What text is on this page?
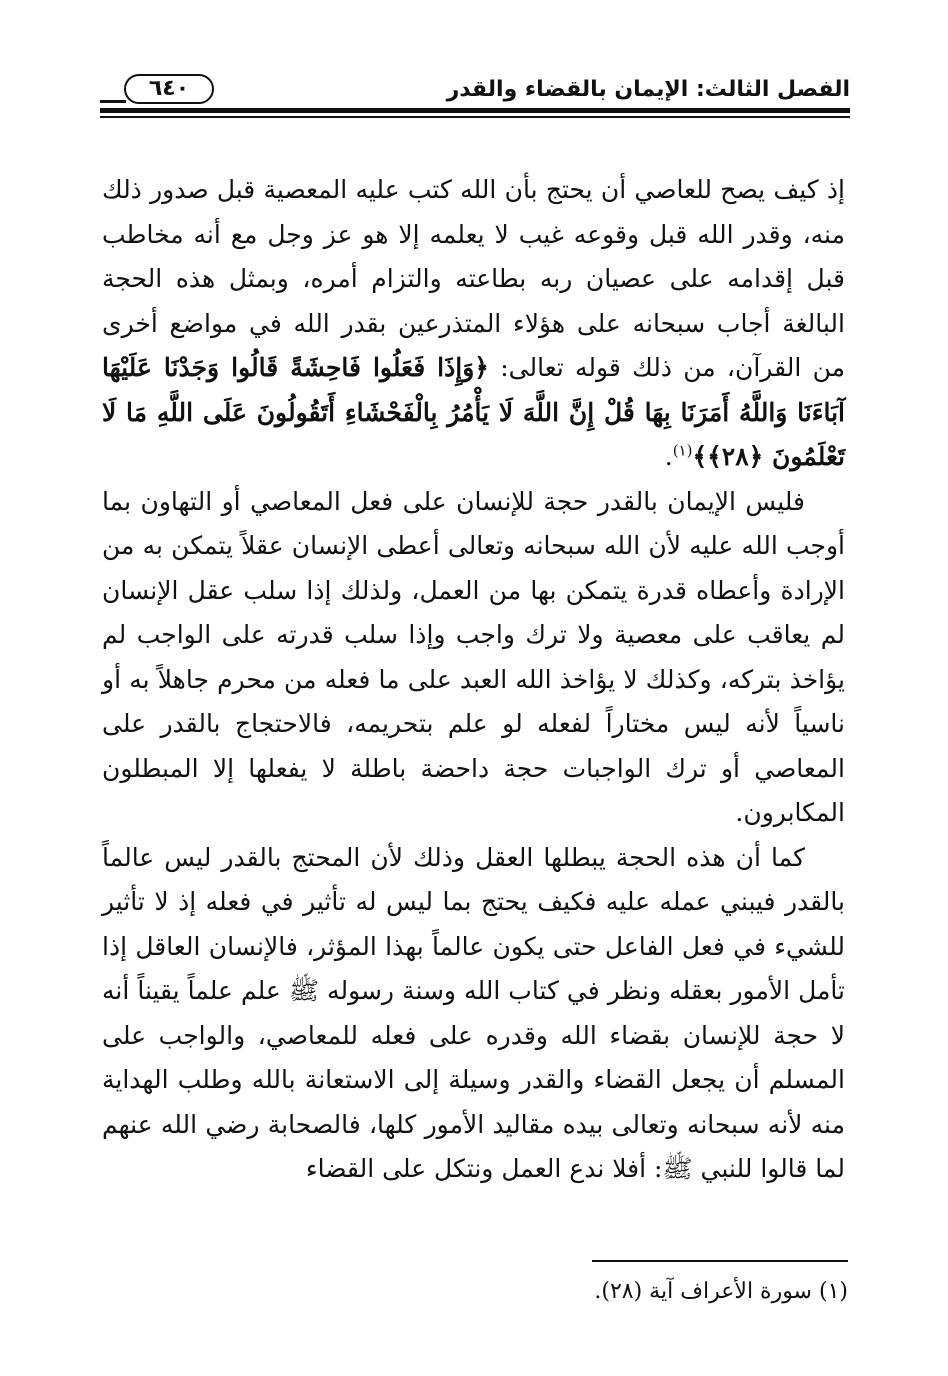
٦٤٠	الفصل الثالث: الإيمان بالقضاء والقدر

إذ كيف يصح للعاصي أن يحتج بأن الله كتب عليه المعصية قبل صدور ذلك منه، وقدر الله قبل وقوعه غيب لا يعلمه إلا هو عز وجل مع أنه مخاطب قبل إقدامه على عصيان ربه بطاعته والتزام أمره، وبمثل هذه الحجة البالغة أجاب سبحانه على هؤلاء المتذرعين بقدر الله في مواضع أخرى من القرآن، من ذلك قوله تعالى: ﴿وَإِذَا فَعَلُوا فَاحِشَةً قَالُوا وَجَدْنَا عَلَيْهَا آبَاءَنَا وَاللَّهُ أَمَرَنَا بِهَا قُلْ إِنَّ اللَّهَ لَا يَأْمُرُ بِالْفَحْشَاءِ أَتَقُولُونَ عَلَى اللَّهِ مَا لَا تَعْلَمُونَ ﴿٢٨﴾﴾$^{(١)}$.

فليس الإيمان بالقدر حجة للإنسان على فعل المعاصي أو التهاون بما أوجب الله عليه لأن الله سبحانه وتعالى أعطى الإنسان عقلاً يتمكن به من الإرادة وأعطاه قدرة يتمكن بها من العمل، ولذلك إذا سلب عقل الإنسان لم يعاقب على معصية ولا ترك واجب وإذا سلب قدرته على الواجب لم يؤاخذ بتركه، وكذلك لا يؤاخذ الله العبد على ما فعله من محرم جاهلاً به أو ناسياً لأنه ليس مختاراً لفعله لو علم بتحريمه، فالاحتجاج بالقدر على المعاصي أو ترك الواجبات حجة داحضة باطلة لا يفعلها إلا المبطلون المكابرون.

كما أن هذه الحجة يبطلها العقل وذلك لأن المحتج بالقدر ليس عالماً بالقدر فيبني عمله عليه فكيف يحتج بما ليس له تأثير في فعله إذ لا تأثير للشيء في فعل الفاعل حتى يكون عالماً بهذا المؤثر، فالإنسان العاقل إذا تأمل الأمور بعقله ونظر في كتاب الله وسنة رسوله ﷺ علم علماً يقيناً أنه لا حجة للإنسان بقضاء الله وقدره على فعله للمعاصي، والواجب على المسلم أن يجعل القضاء والقدر وسيلة إلى الاستعانة بالله وطلب الهداية منه لأنه سبحانه وتعالى بيده مقاليد الأمور كلها، فالصحابة رضي الله عنهم لما قالوا للنبي ﷺ: أفلا ندع العمل ونتكل على القضاء

(١) سورة الأعراف آية (٢٨).
